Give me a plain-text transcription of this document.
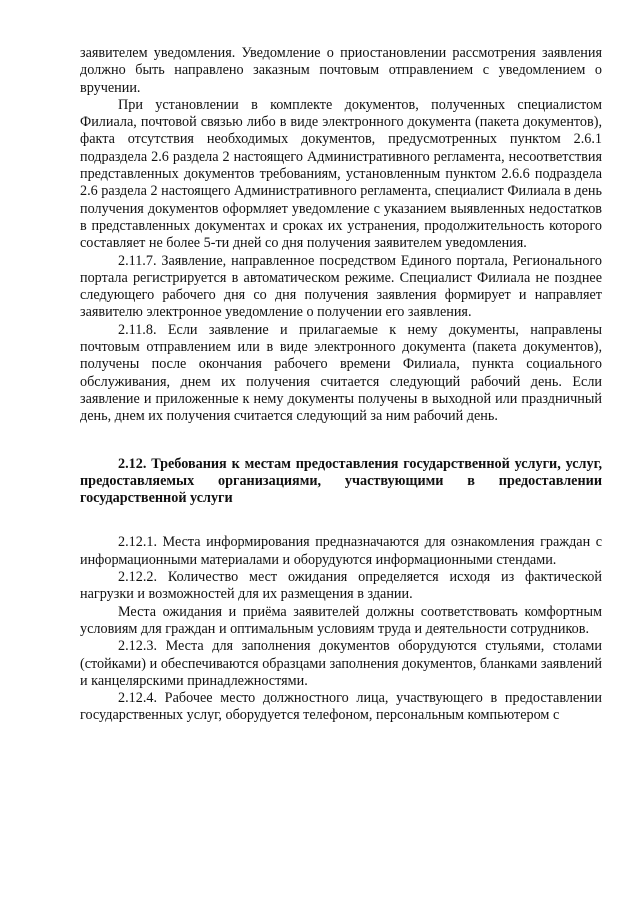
заявителем уведомления. Уведомление о приостановлении рассмотрения заявления должно быть направлено заказным почтовым отправлением с уведомлением о вручении.

При установлении в комплекте документов, полученных специалистом Филиала, почтовой связью либо в виде электронного документа (пакета документов), факта отсутствия необходимых документов, предусмотренных пунктом 2.6.1 подраздела 2.6 раздела 2 настоящего Административного регламента, несоответствия представленных документов требованиям, установленным пунктом 2.6.6 подраздела 2.6 раздела 2 настоящего Административного регламента, специалист Филиала в день получения документов оформляет уведомление с указанием выявленных недостатков в представленных документах и сроках их устранения, продолжительность которого составляет не более 5-ти дней со дня получения заявителем уведомления.

2.11.7. Заявление, направленное посредством Единого портала, Регионального портала регистрируется в автоматическом режиме. Специалист Филиала не позднее следующего рабочего дня со дня получения заявления формирует и направляет заявителю электронное уведомление о получении его заявления.

2.11.8. Если заявление и прилагаемые к нему документы, направлены почтовым отправлением или в виде электронного документа (пакета документов), получены после окончания рабочего времени Филиала, пункта социального обслуживания, днем их получения считается следующий рабочий день. Если заявление и приложенные к нему документы получены в выходной или праздничный день, днем их получения считается следующий за ним рабочий день.

2.12. Требования к местам предоставления государственной услуги, услуг, предоставляемых организациями, участвующими в предоставлении государственной услуги

2.12.1. Места информирования предназначаются для ознакомления граждан с информационными материалами и оборудуются информационными стендами.

2.12.2. Количество мест ожидания определяется исходя из фактической нагрузки и возможностей для их размещения в здании.

Места ожидания и приёма заявителей должны соответствовать комфортным условиям для граждан и оптимальным условиям труда и деятельности сотрудников.

2.12.3. Места для заполнения документов оборудуются стульями, столами (стойками) и обеспечиваются образцами заполнения документов, бланками заявлений и канцелярскими принадлежностями.

2.12.4. Рабочее место должностного лица, участвующего в предоставлении государственных услуг, оборудуется телефоном, персональным компьютером с
